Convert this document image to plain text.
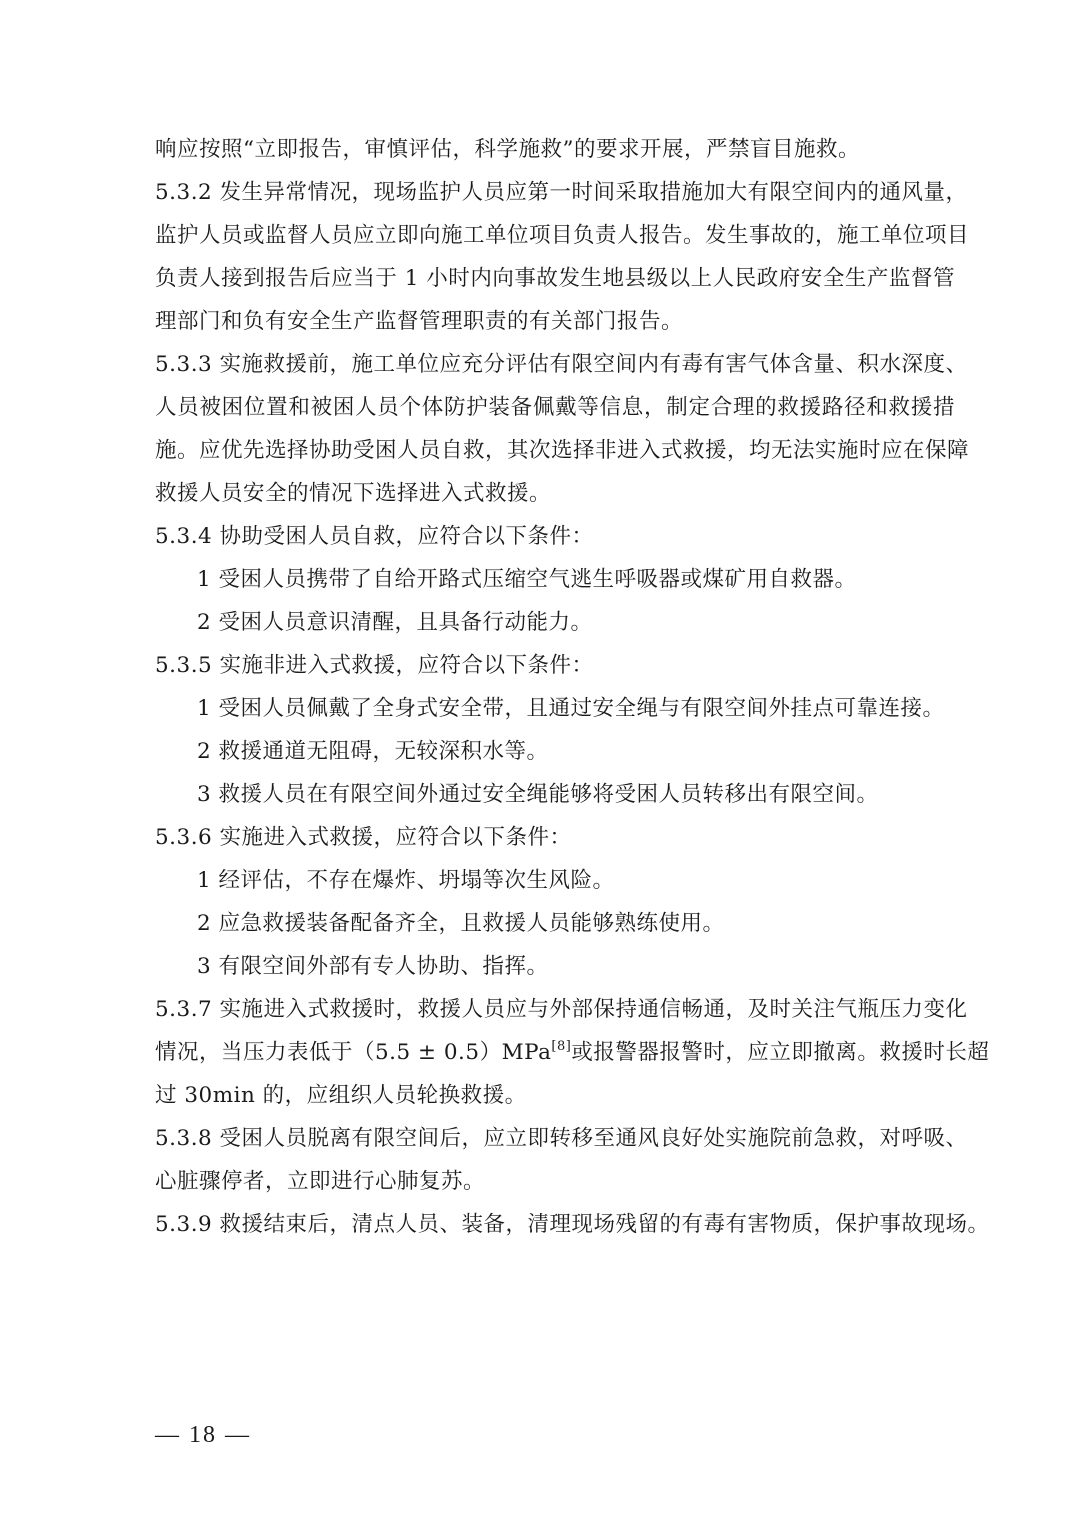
响应按照“立即报告，审慎评估，科学施救”的要求开展，严禁盲目施救。
5.3.2 发生异常情况，现场监护人员应第一时间采取措施加大有限空间内的通风量，
监护人员或监督人员应立即向施工单位项目负责人报告。发生事故的，施工单位项目
负责人接到报告后应当于 1 小时内向事故发生地县级以上人民政府安全生产监督管
理部门和负有安全生产监督管理职责的有关部门报告。
5.3.3 实施救援前，施工单位应充分评估有限空间内有毒有害气体含量、积水深度、
人员被困位置和被困人员个体防护装备佩戴等信息，制定合理的救援路径和救援措
施。应优先选择协助受困人员自救，其次选择非进入式救援，均无法实施时应在保障
救援人员安全的情况下选择进入式救援。
5.3.4 协助受困人员自救，应符合以下条件：
1 受困人员携带了自给开路式压缩空气逃生呼吸器或煤矿用自救器。
2 受困人员意识清醒，且具备行动能力。
5.3.5 实施非进入式救援，应符合以下条件：
1 受困人员佩戴了全身式安全带，且通过安全绳与有限空间外挂点可靠连接。
2 救援通道无阻碍，无较深积水等。
3 救援人员在有限空间外通过安全绳能够将受困人员转移出有限空间。
5.3.6 实施进入式救援，应符合以下条件：
1 经评估，不存在爆炸、坍塌等次生风险。
2 应急救援装备配备齐全，且救援人员能够熟练使用。
3 有限空间外部有专人协助、指挥。
5.3.7 实施进入式救援时，救援人员应与外部保持通信畅通，及时关注气瓶压力变化
情况，当压力表低于（5.5 ± 0.5）MPa[8]或报警器报警时，应立即撤离。救援时长超
过 30min 的，应组织人员轮换救援。
5.3.8 受困人员脱离有限空间后，应立即转移至通风良好处实施院前急救，对呼吸、
心脏骤停者，立即进行心肺复苏。
5.3.9 救援结束后，清点人员、装备，清理现场残留的有毒有害物质，保护事故现场。
— 18 —
